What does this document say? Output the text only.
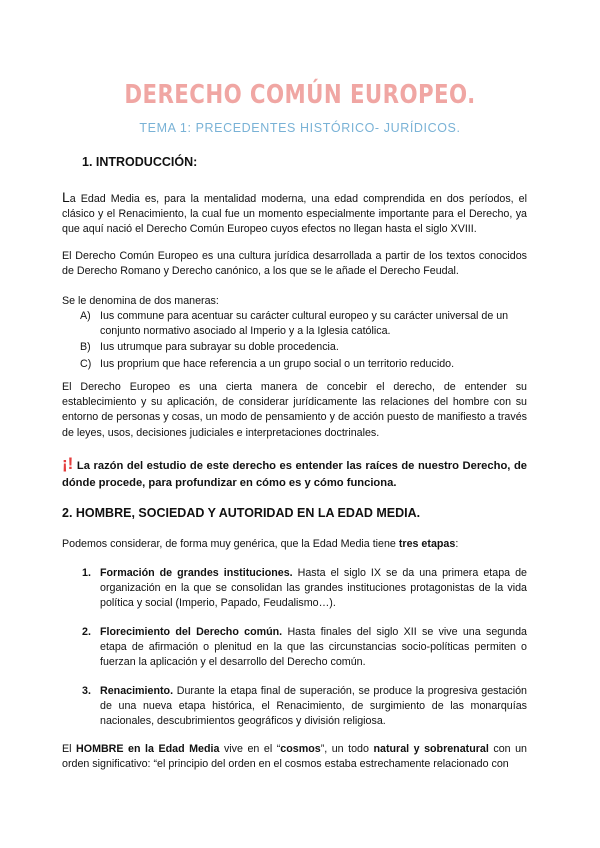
DERECHO COMÚN EUROPEO.

TEMA 1: PRECEDENTES HISTÓRICO- JURÍDICOS.

1. INTRODUCCIÓN:

La Edad Media es, para la mentalidad moderna, una edad comprendida en dos períodos, el clásico y el Renacimiento, la cual fue un momento especialmente importante para el Derecho, ya que aquí nació el Derecho Común Europeo cuyos efectos no llegan hasta el siglo XVIII.

El Derecho Común Europeo es una cultura jurídica desarrollada a partir de los textos conocidos de Derecho Romano y Derecho canónico, a los que se le añade el Derecho Feudal.

Se le denomina de dos maneras:

A) Ius commune para acentuar su carácter cultural europeo y su carácter universal de un conjunto normativo asociado al Imperio y a la Iglesia católica.
B) Ius utrumque para subrayar su doble procedencia.
C) Ius proprium que hace referencia a un grupo social o un territorio reducido.

El Derecho Europeo es una cierta manera de concebir el derecho, de entender su establecimiento y su aplicación, de considerar jurídicamente las relaciones del hombre con su entorno de personas y cosas, un modo de pensamiento y de acción puesto de manifiesto a través de leyes, usos, decisiones judiciales e interpretaciones doctrinales.

¡! La razón del estudio de este derecho es entender las raíces de nuestro Derecho, de dónde procede, para profundizar en cómo es y cómo funciona.

2. HOMBRE, SOCIEDAD Y AUTORIDAD EN LA EDAD MEDIA.

Podemos considerar, de forma muy genérica, que la Edad Media tiene tres etapas:

1. Formación de grandes instituciones. Hasta el siglo IX se da una primera etapa de organización en la que se consolidan las grandes instituciones protagonistas de la vida política y social (Imperio, Papado, Feudalismo…).

2. Florecimiento del Derecho común. Hasta finales del siglo XII se vive una segunda etapa de afirmación o plenitud en la que las circunstancias socio-políticas permiten o fuerzan la aplicación y el desarrollo del Derecho común.

3. Renacimiento. Durante la etapa final de superación, se produce la progresiva gestación de una nueva etapa histórica, el Renacimiento, de surgimiento de las monarquías nacionales, descubrimientos geográficos y división religiosa.

El HOMBRE en la Edad Media vive en el “cosmos”, un todo natural y sobrenatural con un orden significativo: “el principio del orden en el cosmos estaba estrechamente relacionado con
